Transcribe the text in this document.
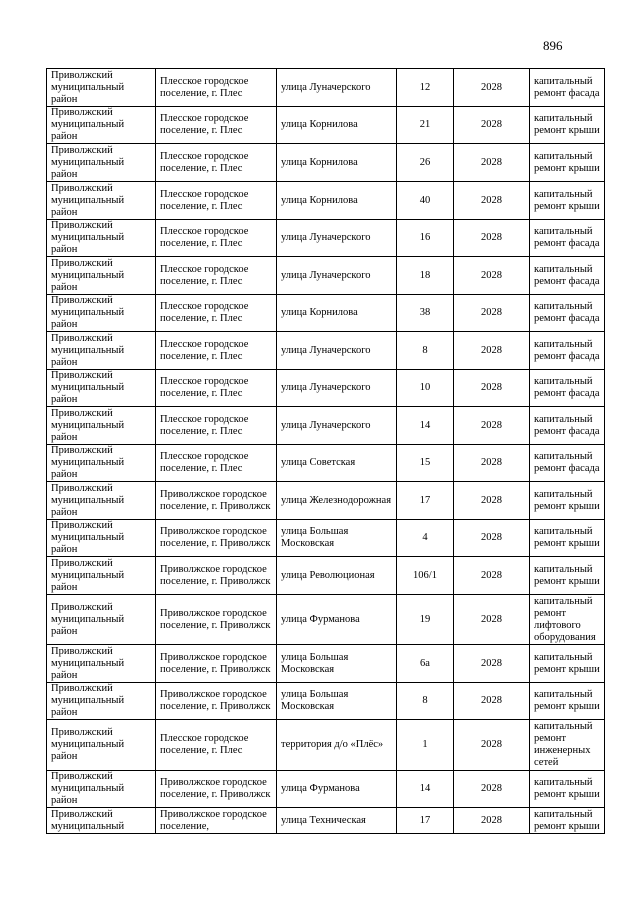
896
Приволжский муниципальный район	Плесское городское поселение, г. Плес	улица Луначерского	12	2028	капитальный ремонт фасада
Приволжский муниципальный район	Плесское городское поселение, г. Плес	улица Корнилова	21	2028	капитальный ремонт крыши
Приволжский муниципальный район	Плесское городское поселение, г. Плес	улица Корнилова	26	2028	капитальный ремонт крыши
Приволжский муниципальный район	Плесское городское поселение, г. Плес	улица Корнилова	40	2028	капитальный ремонт крыши
Приволжский муниципальный район	Плесское городское поселение, г. Плес	улица Луначерского	16	2028	капитальный ремонт фасада
Приволжский муниципальный район	Плесское городское поселение, г. Плес	улица Луначерского	18	2028	капитальный ремонт фасада
Приволжский муниципальный район	Плесское городское поселение, г. Плес	улица Корнилова	38	2028	капитальный ремонт фасада
Приволжский муниципальный район	Плесское городское поселение, г. Плес	улица Луначерского	8	2028	капитальный ремонт фасада
Приволжский муниципальный район	Плесское городское поселение, г. Плес	улица Луначерского	10	2028	капитальный ремонт фасада
Приволжский муниципальный район	Плесское городское поселение, г. Плес	улица Луначерского	14	2028	капитальный ремонт фасада
Приволжский муниципальный район	Плесское городское поселение, г. Плес	улица Советская	15	2028	капитальный ремонт фасада
Приволжский муниципальный район	Приволжское городское поселение, г. Приволжск	улица Железнодорожная	17	2028	капитальный ремонт крыши
Приволжский муниципальный район	Приволжское городское поселение, г. Приволжск	улица Большая Московская	4	2028	капитальный ремонт крыши
Приволжский муниципальный район	Приволжское городское поселение, г. Приволжск	улица Революционая	106/1	2028	капитальный ремонт крыши
Приволжский муниципальный район	Приволжское городское поселение, г. Приволжск	улица Фурманова	19	2028	капитальный ремонт лифтового оборудования
Приволжский муниципальный район	Приволжское городское поселение, г. Приволжск	улица Большая Московская	6а	2028	капитальный ремонт крыши
Приволжский муниципальный район	Приволжское городское поселение, г. Приволжск	улица Большая Московская	8	2028	капитальный ремонт крыши
Приволжский муниципальный район	Плесское городское поселение, г. Плес	территория д/о «Плёс»	1	2028	капитальный ремонт инженерных сетей
Приволжский муниципальный район	Приволжское городское поселение, г. Приволжск	улица Фурманова	14	2028	капитальный ремонт крыши
Приволжский муниципальный	Приволжское городское поселение,	улица Техническая	17	2028	капитальный ремонт крыши
